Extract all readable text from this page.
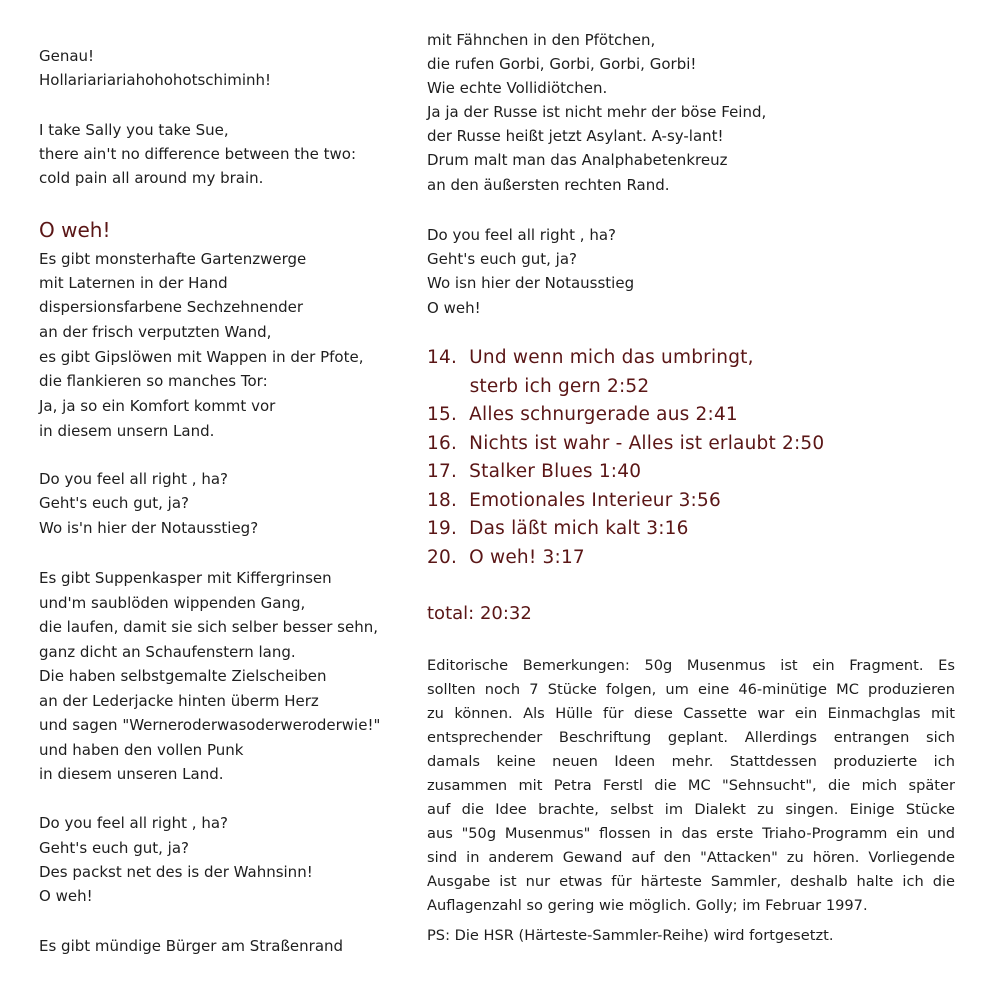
Genau!
Hollariariariahohohotschiminh!
I take Sally you take Sue,
there ain't no difference between the two:
cold pain all around my brain.
O weh!
Es gibt monsterhafte Gartenzwerge
mit Laternen in der Hand
dispersionsfarbene Sechzehnender
an der frisch verputzten Wand,
es gibt Gipslöwen mit Wappen in der Pfote,
die flankieren so manches Tor:
Ja, ja so ein Komfort kommt vor
in diesem unsern Land.
Do you feel all right , ha?
Geht's euch gut, ja?
Wo is'n hier der Notausstieg?
Es gibt Suppenkasper mit Kiffergrinsen
und'm saublöden wippenden Gang,
die laufen, damit sie sich selber besser sehn,
ganz dicht an Schaufenstern lang.
Die haben selbstgemalte Zielscheiben
an der Lederjacke hinten überm Herz
und sagen "Werneroderwasoderweroderwie!"
und haben den vollen Punk
in diesem unseren Land.
Do you feel all right , ha?
Geht's euch gut, ja?
Des packst net des is der Wahnsinn!
O weh!
Es gibt mündige Bürger am Straßenrand
mit Fähnchen in den Pfötchen,
die rufen Gorbi, Gorbi, Gorbi, Gorbi!
Wie echte Vollidiötchen.
Ja ja der Russe ist nicht mehr der böse Feind,
der Russe heißt jetzt Asylant. A-sy-lant!
Drum malt man das Analphabetenkreuz
an den äußersten rechten Rand.
Do you feel all right , ha?
Geht's euch gut, ja?
Wo isn hier der Notausstieg
O weh!
14.  Und wenn mich das umbringt,
sterb ich gern 2:52
15.  Alles schnurgerade aus 2:41
16.  Nichts ist wahr - Alles ist erlaubt 2:50
17.  Stalker Blues 1:40
18.  Emotionales Interieur 3:56
19.  Das läßt mich kalt 3:16
20.  O weh! 3:17
total: 20:32
Editorische Bemerkungen: 50g Musenmus ist ein Fragment. Es
sollten noch 7 Stücke folgen, um eine 46-minütige MC produzieren
zu können. Als Hülle für diese Cassette war ein Einmachglas mit
entsprechender Beschriftung geplant. Allerdings entrangen sich
damals keine neuen Ideen mehr. Stattdessen produzierte ich
zusammen mit Petra Ferstl die MC "Sehnsucht", die mich später
auf die Idee brachte, selbst im Dialekt zu singen. Einige Stücke
aus "50g Musenmus" flossen in das erste Triaho-Programm ein und
sind in anderem Gewand auf den "Attacken" zu hören. Vorliegende
Ausgabe ist nur etwas für härteste Sammler, deshalb halte ich die
Auflagenzahl so gering wie möglich. Golly; im Februar 1997.
PS: Die HSR (Härteste-Sammler-Reihe) wird fortgesetzt.
